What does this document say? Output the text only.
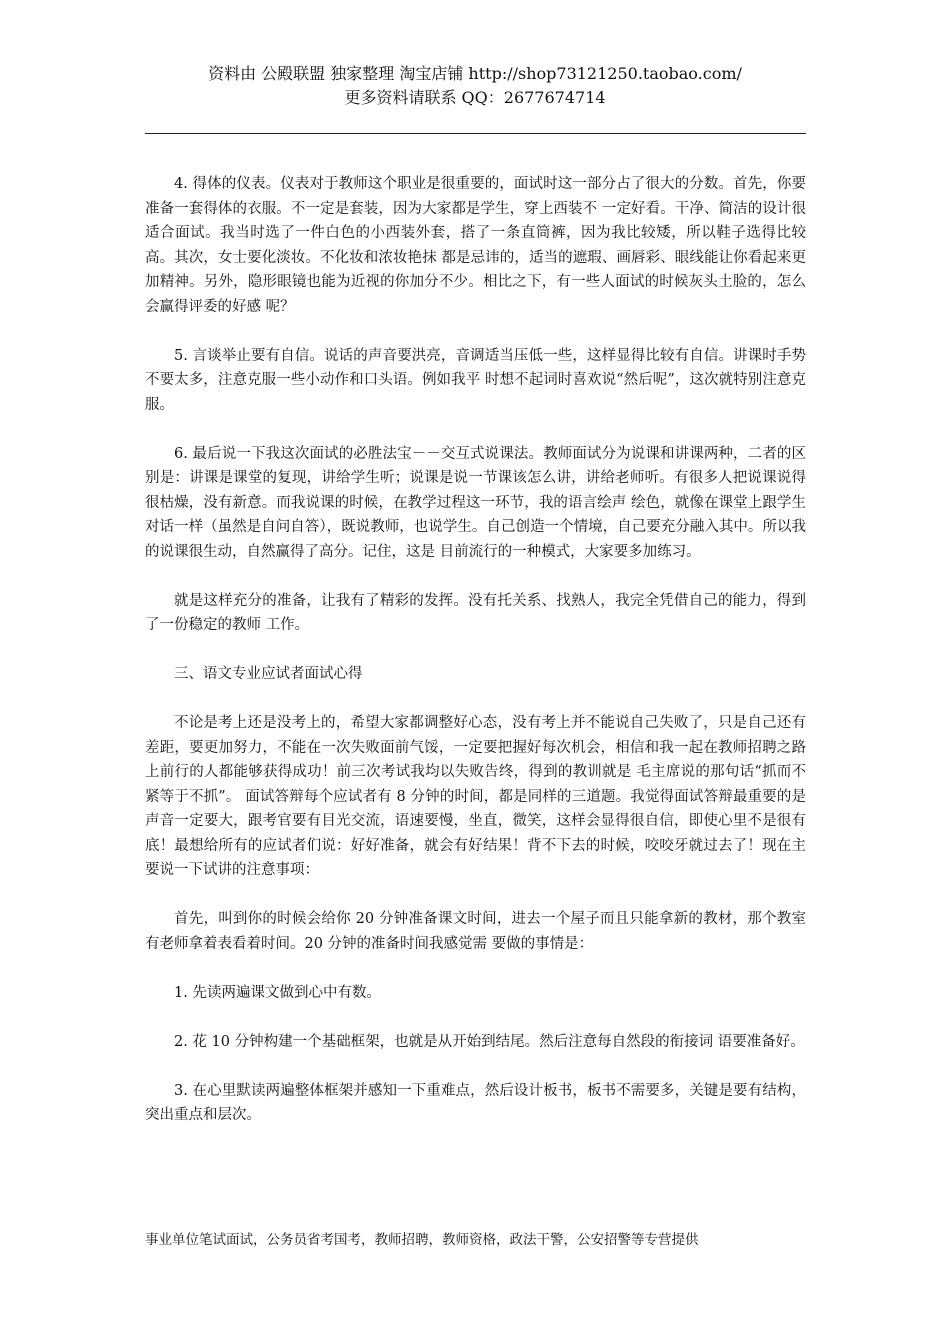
资料由 公殿联盟 独家整理 淘宝店铺 http://shop73121250.taobao.com/
更多资料请联系 QQ：2677674714

4. 得体的仪表。仪表对于教师这个职业是很重要的，面试时这一部分占了很大的分数。首先，你要准备一套得体的衣服。不一定是套装，因为大家都是学生，穿上西装不 一定好看。干净、简洁的设计很适合面试。我当时选了一件白色的小西装外套，搭了一条直筒裤，因为我比较矮，所以鞋子选得比较高。其次，女士要化淡妆。不化妆和浓妆艳抹 都是忌讳的，适当的遮瑕、画唇彩、眼线能让你看起来更加精神。另外，隐形眼镜也能为近视的你加分不少。相比之下，有一些人面试的时候灰头土脸的，怎么会赢得评委的好感 呢？

5. 言谈举止要有自信。说话的声音要洪亮，音调适当压低一些，这样显得比较有自信。讲课时手势不要太多，注意克服一些小动作和口头语。例如我平 时想不起词时喜欢说“然后呢”，这次就特别注意克服。

6. 最后说一下我这次面试的必胜法宝－－交互式说课法。教师面试分为说课和讲课两种，二者的区 别是：讲课是课堂的复现，讲给学生听；说课是说一节课该怎么讲，讲给老师听。有很多人把说课说得很枯燥，没有新意。而我说课的时候，在教学过程这一环节，我的语言绘声 绘色，就像在课堂上跟学生对话一样（虽然是自问自答），既说教师，也说学生。自己创造一个情境，自己要充分融入其中。所以我的说课很生动，自然赢得了高分。记住，这是 目前流行的一种模式，大家要多加练习。

就是这样充分的准备，让我有了精彩的发挥。没有托关系、找熟人，我完全凭借自己的能力，得到了一份稳定的教师 工作。

三、语文专业应试者面试心得

不论是考上还是没考上的，希望大家都调整好心态，没有考上并不能说自己失败了，只是自己还有 差距，要更加努力，不能在一次失败面前气馁，一定要把握好每次机会，相信和我一起在教师招聘之路上前行的人都能够获得成功！前三次考试我均以失败告终，得到的教训就是 毛主席说的那句话“抓而不紧等于不抓”。 面试答辩每个应试者有 8 分钟的时间，都是同样的三道题。我觉得面试答辩最重要的是声音一定要大，跟考官要有目光交流，语速要慢，坐直，微笑，这样会显得很自信，即使心里不是很有底！最想给所有的应试者们说：好好准备，就会有好结果！背不下去的时候，咬咬牙就过去了！现在主要说一下试讲的注意事项：

首先，叫到你的时候会给你 20 分钟准备课文时间，进去一个屋子而且只能拿新的教材，那个教室有老师拿着表看着时间。20 分钟的准备时间我感觉需 要做的事情是：

1. 先读两遍课文做到心中有数。

2. 花 10 分钟构建一个基础框架，也就是从开始到结尾。然后注意每自然段的衔接词 语要准备好。

3. 在心里默读两遍整体框架并感知一下重难点，然后设计板书，板书不需要多，关键是要有结构，突出重点和层次。

事业单位笔试面试，公务员省考国考，教师招聘，教师资格，政法干警，公安招警等专营提供
